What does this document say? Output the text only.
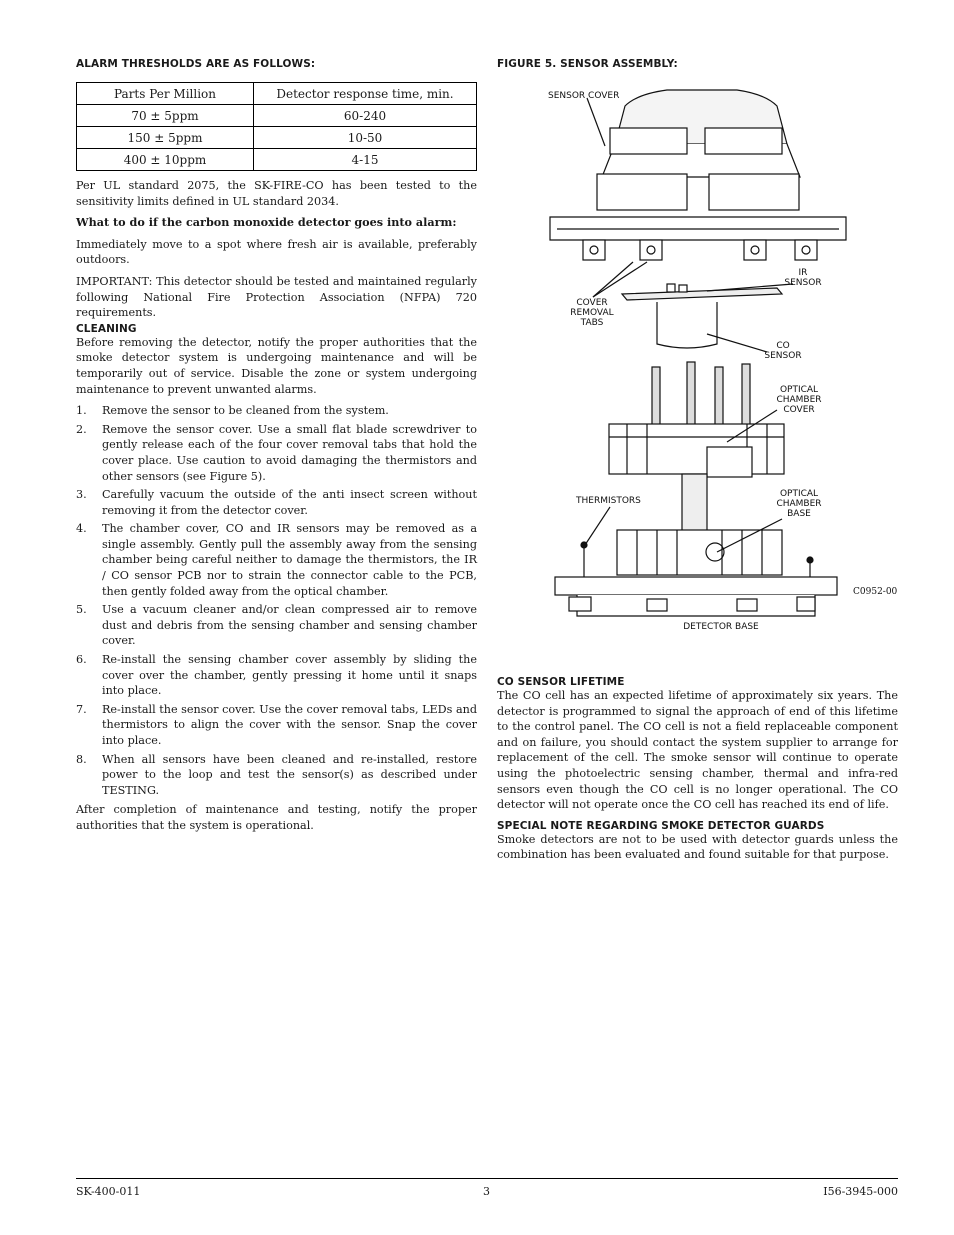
ALARM THRESHOLDS ARE AS FOLLOWS:
Parts Per Million	Detector response time, min.
70 ± 5ppm	60-240
150 ± 5ppm	10-50
400 ± 10ppm	4-15

Per UL standard 2075, the SK-FIRE-CO has been tested to the sensitivity limits defined in UL standard 2034.

What to do if the carbon monoxide detector goes into alarm:

Immediately move to a spot where fresh air is available, preferably outdoors.

IMPORTANT: This detector should be tested and maintained regularly following National Fire Protection Association (NFPA) 720 requirements.

CLEANING

Before removing the detector, notify the proper authorities that the smoke detector system is undergoing maintenance and will be temporarily out of service. Disable the zone or system undergoing maintenance to prevent unwanted alarms.

1.	Remove the sensor to be cleaned from the system.
2.	Remove the sensor cover. Use a small flat blade screwdriver to gently release each of the four cover removal tabs that hold the cover place. Use caution to avoid damaging the thermistors and other sensors (see Figure 5).
3.	Carefully vacuum the outside of the anti insect screen without removing it from the detector cover.
4.	The chamber cover, CO and IR sensors may be removed as a single assembly. Gently pull the assembly away from the sensing chamber being careful neither to damage the thermistors, the IR / CO sensor PCB nor to strain the connector cable to the PCB, then gently folded away from the optical chamber.
5.	Use a vacuum cleaner and/or clean compressed air to remove dust and debris from the sensing chamber and sensing chamber cover.
6.	Re-install the sensing chamber cover assembly by sliding the cover over the chamber, gently pressing it home until it snaps into place.
7.	Re-install the sensor cover. Use the cover removal tabs, LEDs and thermistors to align the cover with the sensor. Snap the cover into place.
8.	When all sensors have been cleaned and re-installed, restore power to the loop and test the sensor(s) as described under TESTING.

After completion of maintenance and testing, notify the proper authorities that the system is operational.

FIGURE 5. SENSOR ASSEMBLY:
SENSOR COVER
IR
SENSOR
COVER
REMOVAL
TABS
CO
SENSOR
OPTICAL
CHAMBER
COVER
THERMISTORS
OPTICAL
CHAMBER
BASE
C0952-00
DETECTOR BASE
CO SENSOR LIFETIME

The CO cell has an expected lifetime of approximately six years. The detector is programmed to signal the approach of end of this lifetime to the control panel. The CO cell is not a field replaceable component and on failure, you should contact the system supplier to arrange for replacement of the cell. The smoke sensor will continue to operate using the photoelectric sensing chamber, thermal and infra-red sensors even though the CO cell is no longer operational. The CO detector will not operate once the CO cell has reached its end of life.

SPECIAL NOTE REGARDING SMOKE DETECTOR GUARDS

Smoke detectors are not to be used with detector guards unless the combination has been evaluated and found suitable for that purpose.

SK-400-011	3	I56-3945-000
